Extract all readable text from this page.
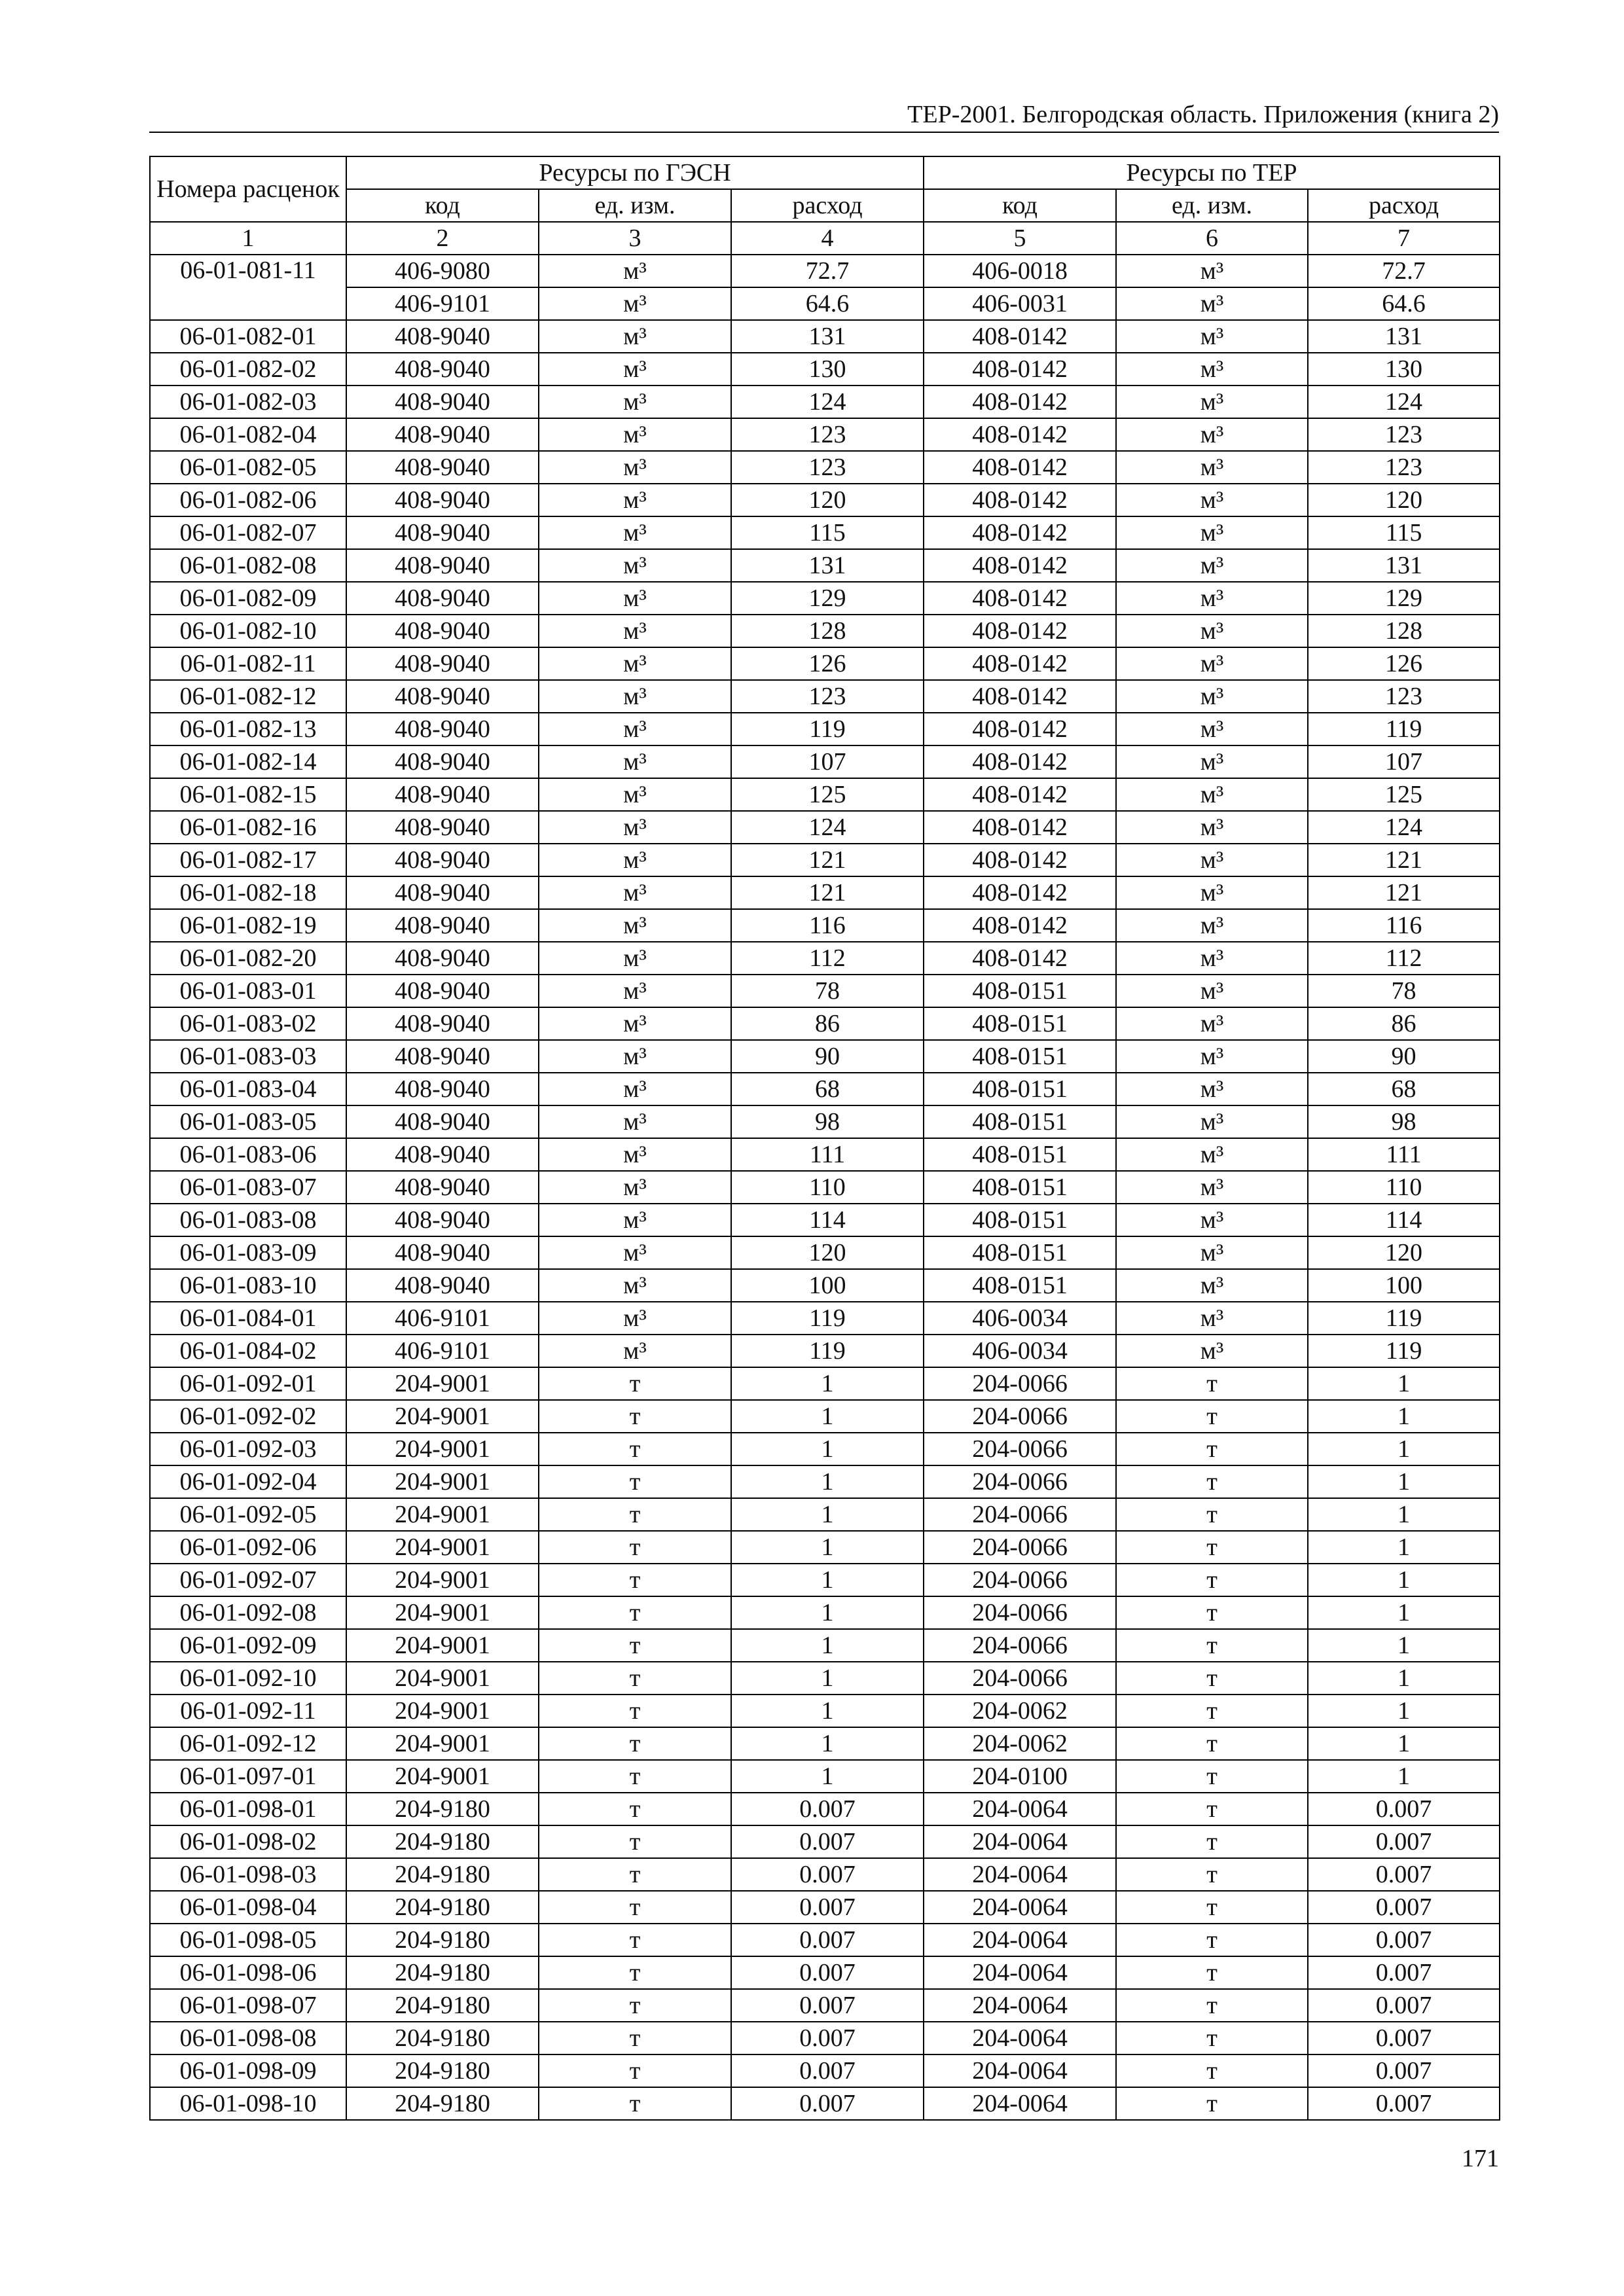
ТЕР-2001. Белгородская область. Приложения (книга 2)
Номера расценок	Ресурсы по ГЭСН			Ресурсы по ТЕР		
	код	ед. изм.	расход	код	ед. изм.	расход
1	2	3	4	5	6	7
06-01-081-11	406-9080	м³	72.7	406-0018	м³	72.7
	406-9101	м³	64.6	406-0031	м³	64.6
06-01-082-01	408-9040	м³	131	408-0142	м³	131
06-01-082-02	408-9040	м³	130	408-0142	м³	130
06-01-082-03	408-9040	м³	124	408-0142	м³	124
06-01-082-04	408-9040	м³	123	408-0142	м³	123
06-01-082-05	408-9040	м³	123	408-0142	м³	123
06-01-082-06	408-9040	м³	120	408-0142	м³	120
06-01-082-07	408-9040	м³	115	408-0142	м³	115
06-01-082-08	408-9040	м³	131	408-0142	м³	131
06-01-082-09	408-9040	м³	129	408-0142	м³	129
06-01-082-10	408-9040	м³	128	408-0142	м³	128
06-01-082-11	408-9040	м³	126	408-0142	м³	126
06-01-082-12	408-9040	м³	123	408-0142	м³	123
06-01-082-13	408-9040	м³	119	408-0142	м³	119
06-01-082-14	408-9040	м³	107	408-0142	м³	107
06-01-082-15	408-9040	м³	125	408-0142	м³	125
06-01-082-16	408-9040	м³	124	408-0142	м³	124
06-01-082-17	408-9040	м³	121	408-0142	м³	121
06-01-082-18	408-9040	м³	121	408-0142	м³	121
06-01-082-19	408-9040	м³	116	408-0142	м³	116
06-01-082-20	408-9040	м³	112	408-0142	м³	112
06-01-083-01	408-9040	м³	78	408-0151	м³	78
06-01-083-02	408-9040	м³	86	408-0151	м³	86
06-01-083-03	408-9040	м³	90	408-0151	м³	90
06-01-083-04	408-9040	м³	68	408-0151	м³	68
06-01-083-05	408-9040	м³	98	408-0151	м³	98
06-01-083-06	408-9040	м³	111	408-0151	м³	111
06-01-083-07	408-9040	м³	110	408-0151	м³	110
06-01-083-08	408-9040	м³	114	408-0151	м³	114
06-01-083-09	408-9040	м³	120	408-0151	м³	120
06-01-083-10	408-9040	м³	100	408-0151	м³	100
06-01-084-01	406-9101	м³	119	406-0034	м³	119
06-01-084-02	406-9101	м³	119	406-0034	м³	119
06-01-092-01	204-9001	т	1	204-0066	т	1
06-01-092-02	204-9001	т	1	204-0066	т	1
06-01-092-03	204-9001	т	1	204-0066	т	1
06-01-092-04	204-9001	т	1	204-0066	т	1
06-01-092-05	204-9001	т	1	204-0066	т	1
06-01-092-06	204-9001	т	1	204-0066	т	1
06-01-092-07	204-9001	т	1	204-0066	т	1
06-01-092-08	204-9001	т	1	204-0066	т	1
06-01-092-09	204-9001	т	1	204-0066	т	1
06-01-092-10	204-9001	т	1	204-0066	т	1
06-01-092-11	204-9001	т	1	204-0062	т	1
06-01-092-12	204-9001	т	1	204-0062	т	1
06-01-097-01	204-9001	т	1	204-0100	т	1
06-01-098-01	204-9180	т	0.007	204-0064	т	0.007
06-01-098-02	204-9180	т	0.007	204-0064	т	0.007
06-01-098-03	204-9180	т	0.007	204-0064	т	0.007
06-01-098-04	204-9180	т	0.007	204-0064	т	0.007
06-01-098-05	204-9180	т	0.007	204-0064	т	0.007
06-01-098-06	204-9180	т	0.007	204-0064	т	0.007
06-01-098-07	204-9180	т	0.007	204-0064	т	0.007
06-01-098-08	204-9180	т	0.007	204-0064	т	0.007
06-01-098-09	204-9180	т	0.007	204-0064	т	0.007
06-01-098-10	204-9180	т	0.007	204-0064	т	0.007
171
